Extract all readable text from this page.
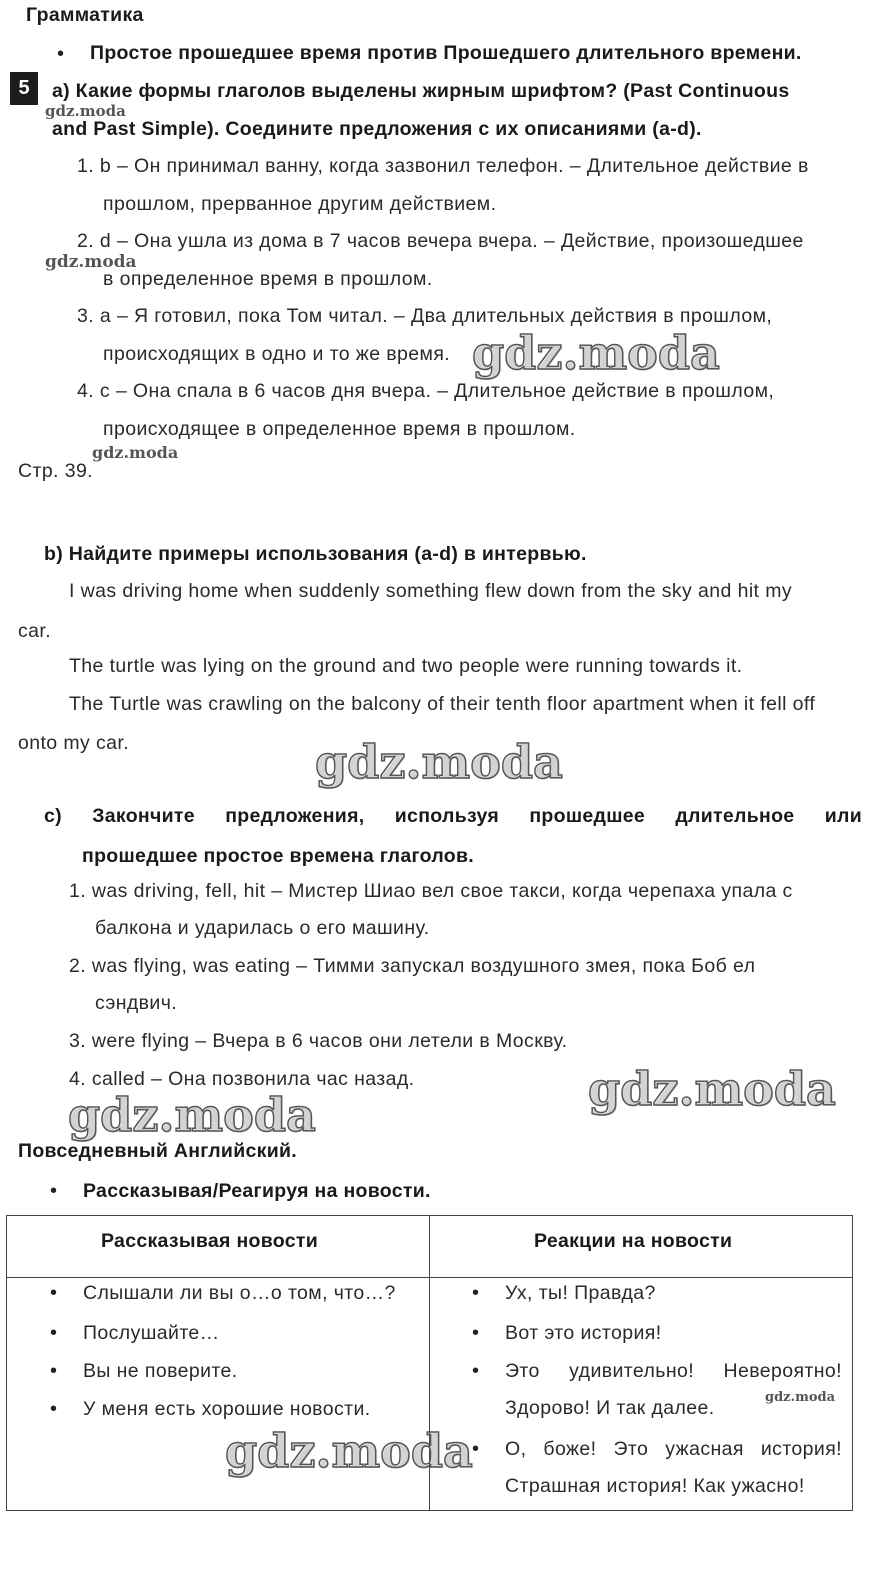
Грамматика
• Простое прошедшее время против Прошедшего длительного времени.
5	a) Какие формы глаголов выделены жирным шрифтом? (Past Continuous
and Past Simple). Соедините предложения с их описаниями (a-d).
1. b – Он принимал ванну, когда зазвонил телефон. – Длительное действие в
прошлом, прерванное другим действием.
2. d – Она ушла из дома в 7 часов вечера вчера. – Действие, произошедшее
в определенное время в прошлом.
3. a – Я готовил, пока Том читал. – Два длительных действия в прошлом,
происходящих в одно и то же время.
4. c – Она спала в 6 часов дня вчера. – Длительное действие в прошлом,
происходящее в определенное время в прошлом.
Стр. 39.
b) Найдите примеры использования (a-d) в интервью.
I was driving home when suddenly something flew down from the sky and hit my
car.
The turtle was lying on the ground and two people were running towards it.
The Turtle was crawling on the balcony of their tenth floor apartment when it fell off
onto my car.
c) Закончите предложения, используя прошедшее длительное или
прошедшее простое времена глаголов.
1. was driving, fell, hit – Мистер Шиао вел свое такси, когда черепаха упала с
балкона и ударилась о его машину.
2. was flying, was eating – Тимми запускал воздушного змея, пока Боб ел
сэндвич.
3. were flying – Вчера в 6 часов они летели в Москву.
4. called – Она позвонила час назад.
Повседневный Английский.
• Рассказывая/Реагируя на новости.
Рассказывая новости	Реакции на новости
• Слышали ли вы о…о том, что…?
• Послушайте…
• Вы не поверите.
• У меня есть хорошие новости.
• Ух, ты! Правда?
• Вот это история!
• Это удивительно! Невероятно!
Здорово! И так далее.
• О, боже! Это ужасная история!
Страшная история! Как ужасно!
gdz.moda
gdz.moda
gdz.moda
gdz.moda
gdz.moda
gdz.moda
gdz.moda
gdz.moda
gdz.moda
